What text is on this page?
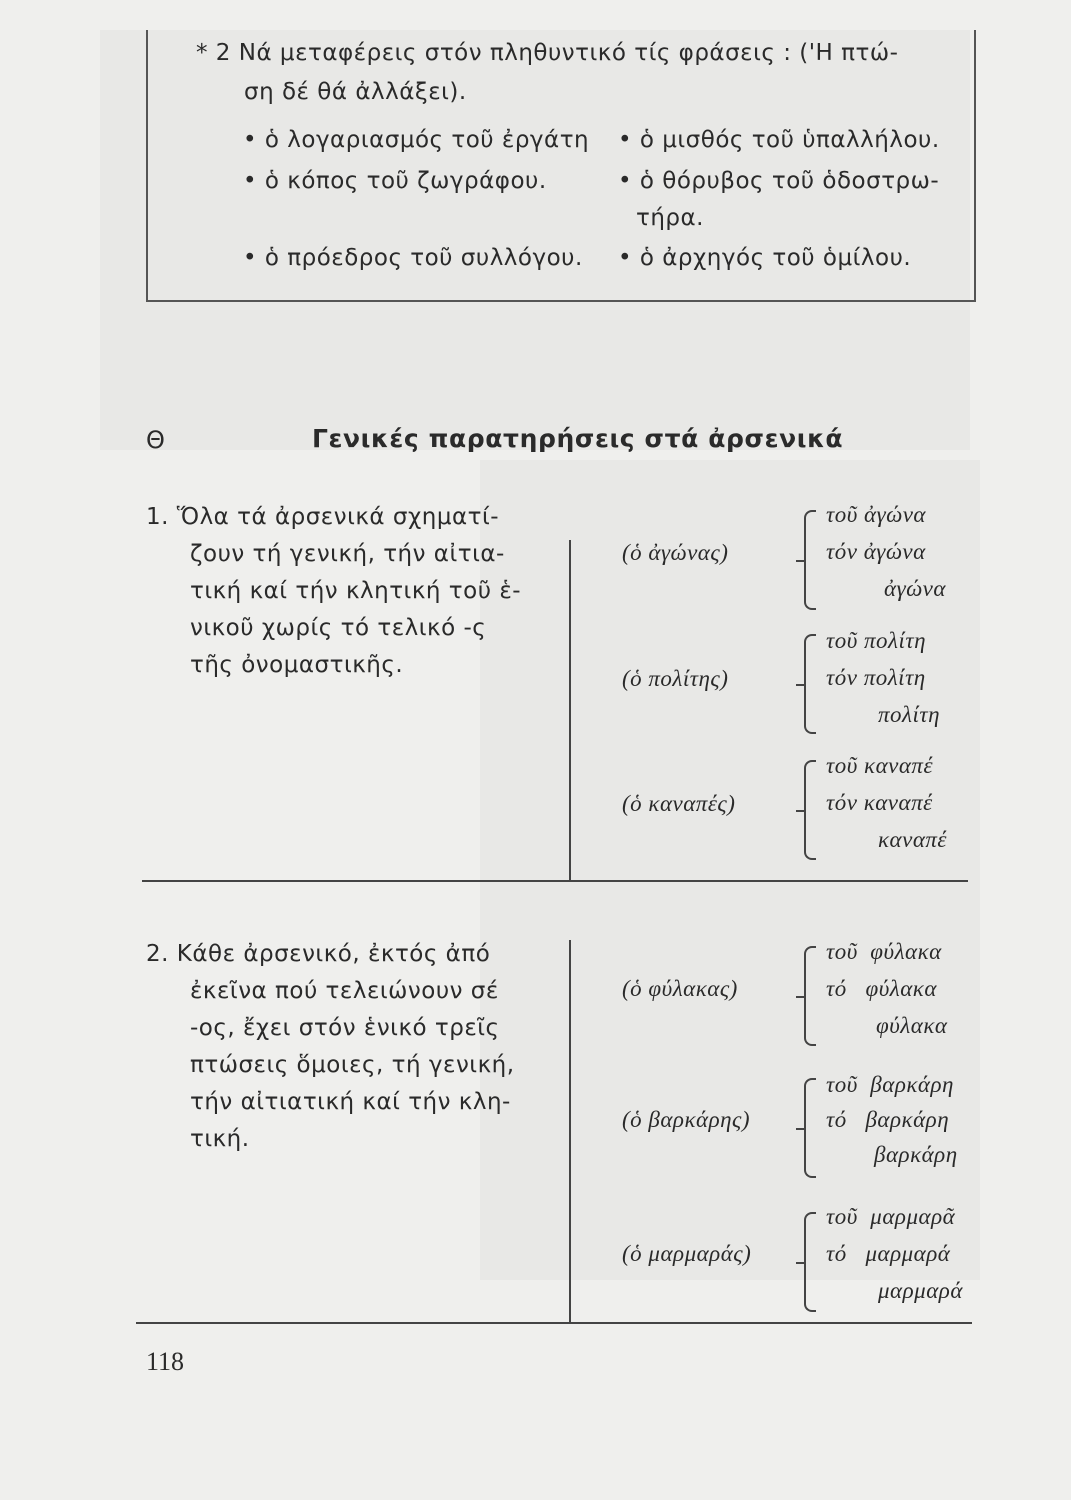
* 2 Νά μεταφέρεις στόν πληθυντικό τίς φράσεις : ('Η πτώ-
ση δέ θά ἀλλάξει).
• ὁ λογαριασμός τοῦ ἐργάτη • ὁ μισθός τοῦ ὑπαλλήλου.
• ὁ κόπος τοῦ ζωγράφου.	• ὁ θόρυβος τοῦ ὁδοστρω-
τήρα.
• ὁ πρόεδρος τοῦ συλλόγου. • ὁ ἀρχηγός τοῦ ὁμίλου.
Θ	Γενικές παρατηρήσεις στά ἀρσενικά
1. Ὅλα τά ἀρσενικά σχηματί-
ζουν τή γενική, τήν αἰτια-
τική καί τήν κλητική τοῦ ἑ-
νικοῦ χωρίς τό τελικό -ς
τῆς ὀνομαστικῆς.
(ὁ ἀγώνας)
τοῦ ἀγώνα
τόν ἀγώνα
ἀγώνα
(ὁ πολίτης)
τοῦ πολίτη
τόν πολίτη
πολίτη
(ὁ καναπές)
τοῦ καναπέ
τόν καναπέ
καναπέ
2. Κάθε ἀρσενικό, ἐκτός ἀπό
ἐκεῖνα πού τελειώνουν σέ
-ος, ἔχει στόν ἑνικό τρεῖς
πτώσεις ὅμοιες, τή γενική,
τήν αἰτιατική καί τήν κλη-
τική.
(ὁ φύλακας)
τοῦ  φύλακα
τό   φύλακα
φύλακα
(ὁ βαρκάρης)
τοῦ  βαρκάρη
τό   βαρκάρη
βαρκάρη
(ὁ μαρμαράς)
τοῦ  μαρμαρᾶ
τό   μαρμαρά
μαρμαρά
118
